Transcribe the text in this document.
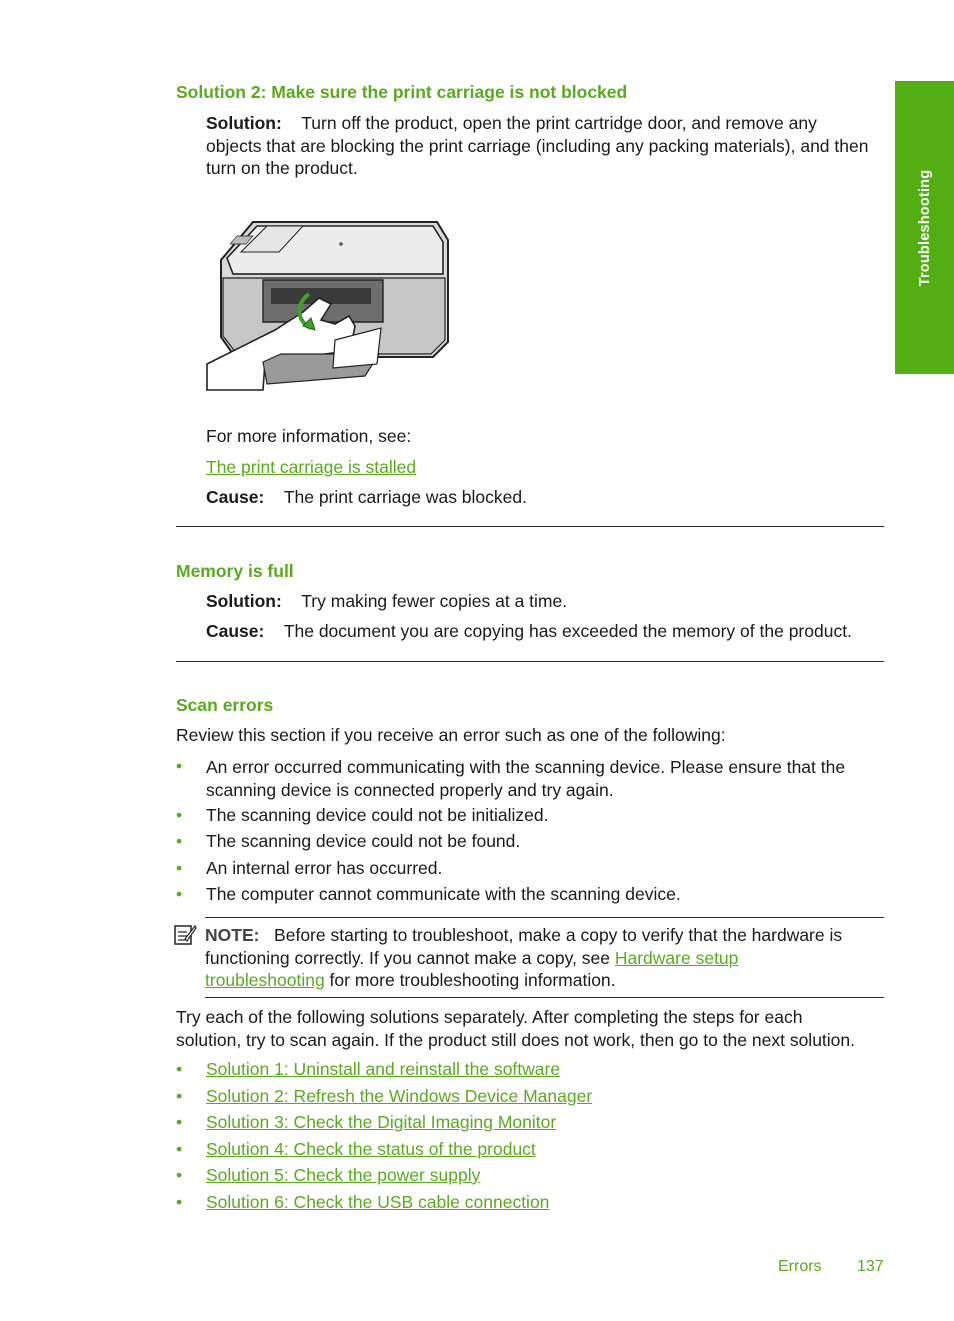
Troubleshooting
Solution 2: Make sure the print carriage is not blocked
Solution: Turn off the product, open the print cartridge door, and remove any
objects that are blocking the print carriage (including any packing materials), and then
turn on the product.
For more information, see:
The print carriage is stalled
Cause: The print carriage was blocked.
Memory is full
Solution: Try making fewer copies at a time.
Cause: The document you are copying has exceeded the memory of the product.
Scan errors
Review this section if you receive an error such as one of the following:
• An error occurred communicating with the scanning device. Please ensure that the
scanning device is connected properly and try again.
• The scanning device could not be initialized.
• The scanning device could not be found.
• An internal error has occurred.
• The computer cannot communicate with the scanning device.
NOTE: Before starting to troubleshoot, make a copy to verify that the hardware is
functioning correctly. If you cannot make a copy, see Hardware setup
troubleshooting for more troubleshooting information.
Try each of the following solutions separately. After completing the steps for each
solution, try to scan again. If the product still does not work, then go to the next solution.
• Solution 1: Uninstall and reinstall the software
• Solution 2: Refresh the Windows Device Manager
• Solution 3: Check the Digital Imaging Monitor
• Solution 4: Check the status of the product
• Solution 5: Check the power supply
• Solution 6: Check the USB cable connection
Errors 137
